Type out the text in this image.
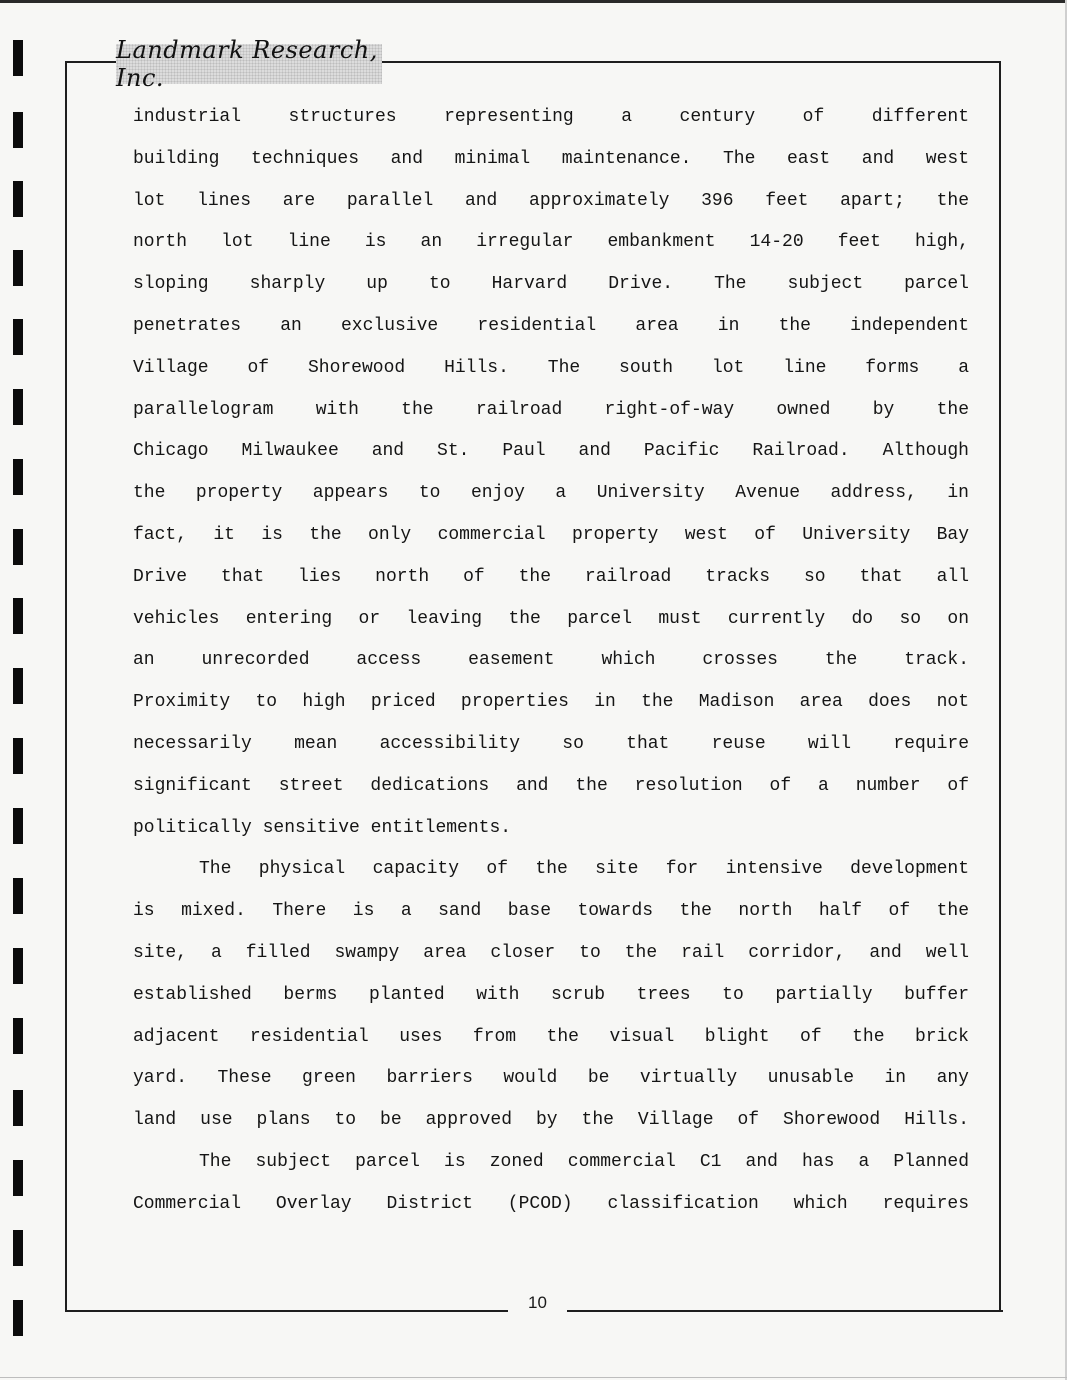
Landmark Research, Inc.
industrial structures representing a century of different
building techniques and minimal maintenance. The east and west
lot lines are parallel and approximately 396 feet apart; the
north lot line is an irregular embankment 14-20 feet high,
sloping sharply up to Harvard Drive. The subject parcel
penetrates an exclusive residential area in the independent
Village of Shorewood Hills. The south lot line forms a
parallelogram with the railroad right-of-way owned by the
Chicago Milwaukee and St. Paul and Pacific Railroad. Although
the property appears to enjoy a University Avenue address, in
fact, it is the only commercial property west of University Bay
Drive that lies north of the railroad tracks so that all
vehicles entering or leaving the parcel must currently do so on
an unrecorded access easement which crosses the track.
Proximity to high priced properties in the Madison area does not
necessarily mean accessibility so that reuse will require
significant street dedications and the resolution of a number of
politically sensitive entitlements.
The physical capacity of the site for intensive development
is mixed. There is a sand base towards the north half of the
site, a filled swampy area closer to the rail corridor, and well
established berms planted with scrub trees to partially buffer
adjacent residential uses from the visual blight of the brick
yard. These green barriers would be virtually unusable in any
land use plans to be approved by the Village of Shorewood Hills.
The subject parcel is zoned commercial C1 and has a Planned
Commercial Overlay District (PCOD) classification which requires
10
